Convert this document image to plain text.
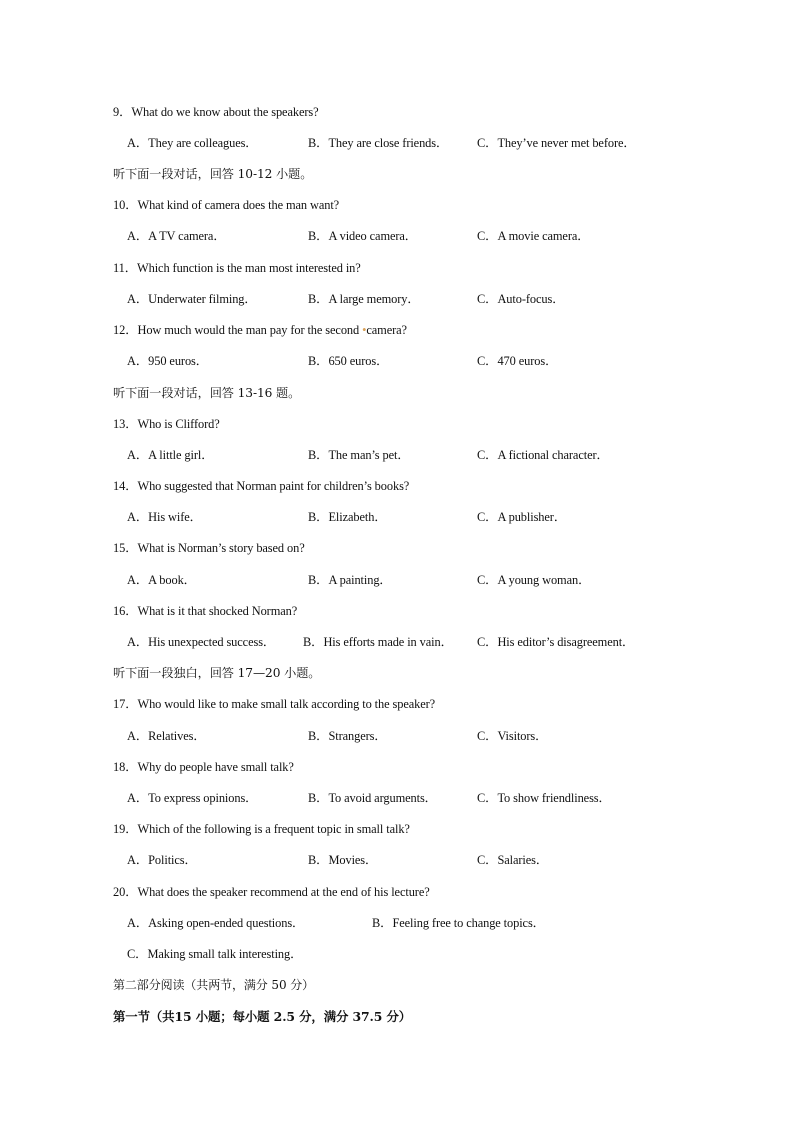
9．What do we know about the speakers?
A．They are colleagues．	B．They are close friends． C．They’ve never met before．
听下面一段对话，回答 10-12 小题。
10．What kind of camera does the man want?
A．A TV camera．	B．A video camera．	C．A movie camera．
11．Which function is the man most interested in?
A．Underwater filming．	B．A large memory．	C．Auto-focus．
12．How much would the man pay for the second •camera?
A．950 euros．	B．650 euros．	C．470 euros．
听下面一段对话，回答 13-16 题。
13．Who is Clifford?
A．A little girl．	B．The man’s pet．	C．A fictional character．
14．Who suggested that Norman paint for children’s books?
A．His wife．	B．Elizabeth．	C．A publisher．
15．What is Norman’s story based on?
A．A book．	B．A painting．	C．A young woman．
16．What is it that shocked Norman?
A．His unexpected success． B．His efforts made in vain． C．His editor’s disagreement．
听下面一段独白，回答 17—20 小题。
17．Who would like to make small talk according to the speaker?
A．Relatives．	B．Strangers．	C．Visitors．
18．Why do people have small talk?
A．To express opinions．	B．To avoid arguments．	C．To show friendliness．
19．Which of the following is a frequent topic in small talk?
A．Politics．	B．Movies．	C．Salaries．
20．What does the speaker recommend at the end of his lecture?
A．Asking open-ended questions．	B．Feeling free to change topics．
C．Making small talk interesting．
第二部分阅读（共两节，满分 50 分）
第一节（共15 小题；每小题 2.5 分，满分 37.5 分）
